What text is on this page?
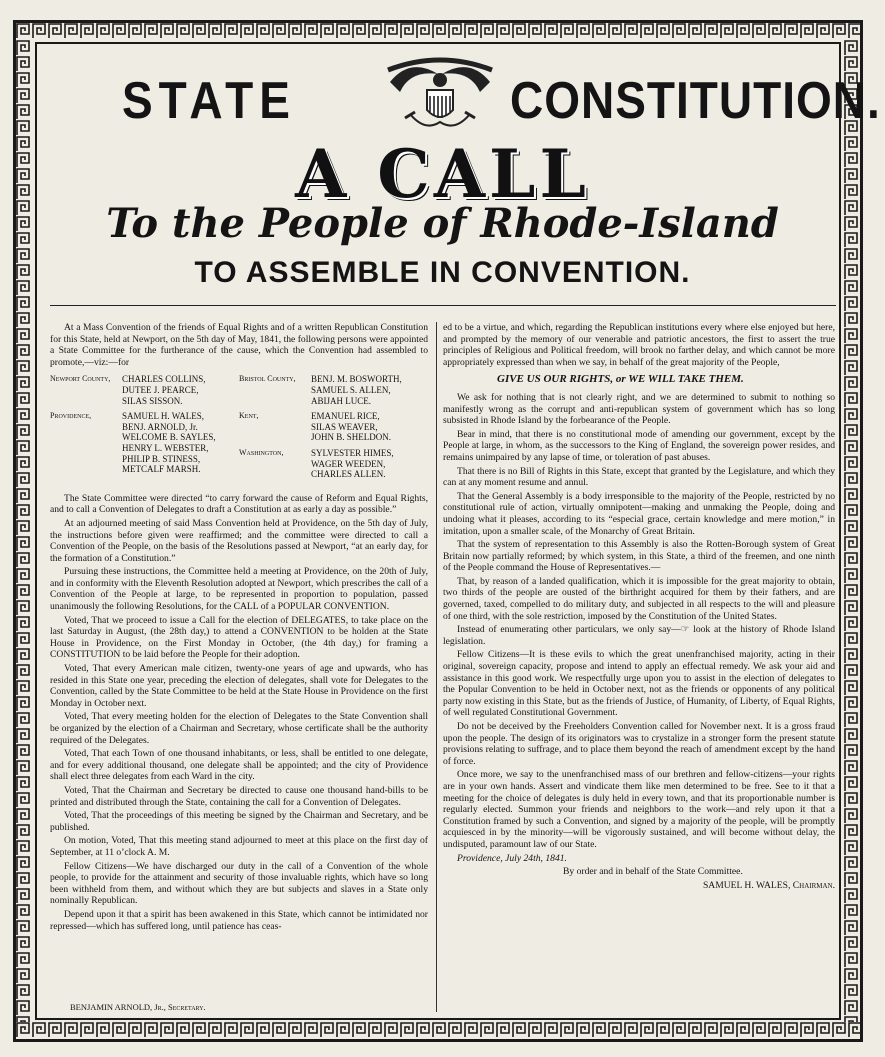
STATE	CONSTITUTION.
A CALL
To the People of Rhode-Island
TO ASSEMBLE IN CONVENTION.

At a Mass Convention of the friends of Equal Rights and of a written Republican Constitution for this State, held at Newport, on the 5th day of May, 1841, the following persons were appointed a State Committee for the furtherance of the cause, which the Convention had assembled to promote,—viz:—for

Newport County,	CHARLES COLLINS,
DUTEE J. PEARCE,
SILAS SISSON.
Providence,	SAMUEL H. WALES,
BENJ. ARNOLD, Jr.
WELCOME B. SAYLES,
HENRY L. WEBSTER,
PHILIP B. STINESS,
METCALF MARSH.
Bristol County,	BENJ. M. BOSWORTH,
SAMUEL S. ALLEN,
ABIJAH LUCE.
Kent,	EMANUEL RICE,
SILAS WEAVER,
JOHN B. SHELDON.
Washington,	SYLVESTER HIMES,
WAGER WEEDEN,
CHARLES ALLEN.

The State Committee were directed “to carry forward the cause of Reform and Equal Rights, and to call a Convention of Delegates to draft a Constitution at as early a day as possible.”

At an adjourned meeting of said Mass Convention held at Providence, on the 5th day of July, the instructions before given were reaffirmed; and the committee were directed to call a Convention of the People, on the basis of the Resolutions passed at Newport, “at an early day, for the formation of a Constitution.”

Pursuing these instructions, the Committee held a meeting at Providence, on the 20th of July, and in conformity with the Eleventh Resolution adopted at Newport, which prescribes the call of a Convention of the People at large, to be represented in proportion to population, passed unanimously the following Resolutions, for the CALL of a POPULAR CONVENTION.

Voted, That we proceed to issue a Call for the election of DELEGATES, to take place on the last Saturday in August, (the 28th day,) to attend a CONVENTION to be holden at the State House in Providence, on the First Monday in October, (the 4th day,) for framing a CONSTITUTION to be laid before the People for their adoption.

Voted, That every American male citizen, twenty-one years of age and upwards, who has resided in this State one year, preceding the election of delegates, shall vote for Delegates to the Convention, called by the State Committee to be held at the State House in Providence on the first Monday in October next.

Voted, That every meeting holden for the election of Delegates to the State Convention shall be organized by the election of a Chairman and Secretary, whose certificate shall be the authority required of the Delegates.

Voted, That each Town of one thousand inhabitants, or less, shall be entitled to one delegate, and for every additional thousand, one delegate shall be appointed; and the city of Providence shall elect three delegates from each Ward in the city.

Voted, That the Chairman and Secretary be directed to cause one thousand hand-bills to be printed and distributed through the State, containing the call for a Convention of Delegates.

Voted, That the proceedings of this meeting be signed by the Chairman and Secretary, and be published.

On motion, Voted, That this meeting stand adjourned to meet at this place on the first day of September, at 11 o’clock A. M.

Fellow Citizens—We have discharged our duty in the call of a Convention of the whole people, to provide for the attainment and security of those invaluable rights, which have so long been withheld from them, and without which they are but subjects and slaves in a State only nominally Republican.

Depend upon it that a spirit has been awakened in this State, which cannot be intimidated nor repressed—which has suffered long, until patience has ceas-

ed to be a virtue, and which, regarding the Republican institutions every where else enjoyed but here, and prompted by the memory of our venerable and patriotic ancestors, the first to assert the true principles of Religious and Political freedom, will brook no farther delay, and which cannot be more appropriately expressed than when we say, in behalf of the great majority of the People,

GIVE US OUR RIGHTS, or WE WILL TAKE THEM.

We ask for nothing that is not clearly right, and we are determined to submit to nothing so manifestly wrong as the corrupt and anti-republican system of government which has so long subsisted in Rhode Island by the forbearance of the People.

Bear in mind, that there is no constitutional mode of amending our government, except by the People at large, in whom, as the successors to the King of England, the sovereign power resides, and remains unimpaired by any lapse of time, or toleration of past abuses.

That there is no Bill of Rights in this State, except that granted by the Legislature, and which they can at any moment resume and annul.

That the General Assembly is a body irresponsible to the majority of the People, restricted by no constitutional rule of action, virtually omnipotent—making and unmaking the People, doing and undoing what it pleases, according to its “especial grace, certain knowledge and mere motion,” in imitation, upon a smaller scale, of the Monarchy of Great Britain.

That the system of representation to this Assembly is also the Rotten-Borough system of Great Britain now partially reformed; by which system, in this State, a third of the freemen, and one ninth of the People command the House of Representatives.—

That, by reason of a landed qualification, which it is impossible for the great majority to obtain, two thirds of the people are ousted of the birthright acquired for them by their fathers, and are governed, taxed, compelled to do military duty, and subjected in all respects to the will and pleasure of one third, with the sole restriction, imposed by the Constitution of the United States.

Instead of enumerating other particulars, we only say—☞ look at the history of Rhode Island legislation.

Fellow Citizens—It is these evils to which the great unenfranchised majority, acting in their original, sovereign capacity, propose and intend to apply an effectual remedy. We ask your aid and assistance in this good work. We respectfully urge upon you to assist in the election of delegates to the Popular Convention to be held in October next, not as the friends or opponents of any political party now existing in this State, but as the friends of Justice, of Humanity, of Liberty, of Equal Rights, of well regulated Constitutional Government.

Do not be deceived by the Freeholders Convention called for November next. It is a gross fraud upon the people. The design of its originators was to crystalize in a stronger form the present statute provisions relating to suffrage, and to place them beyond the reach of amendment except by the hand of force.

Once more, we say to the unenfranchised mass of our brethren and fellow-citizens—your rights are in your own hands. Assert and vindicate them like men determined to be free. See to it that a meeting for the choice of delegates is duly held in every town, and that its proportionable number is regularly elected. Summon your friends and neighbors to the work—and rely upon it that a Constitution framed by such a Convention, and signed by a majority of the people, will be promptly acquiesced in by the minority—will be vigorously sustained, and will become without delay, the undisputed, paramount law of our State.

Providence, July 24th, 1841.

By order and in behalf of the State Committee.

SAMUEL H. WALES, Chairman.

BENJAMIN ARNOLD, Jr., Secretary.
